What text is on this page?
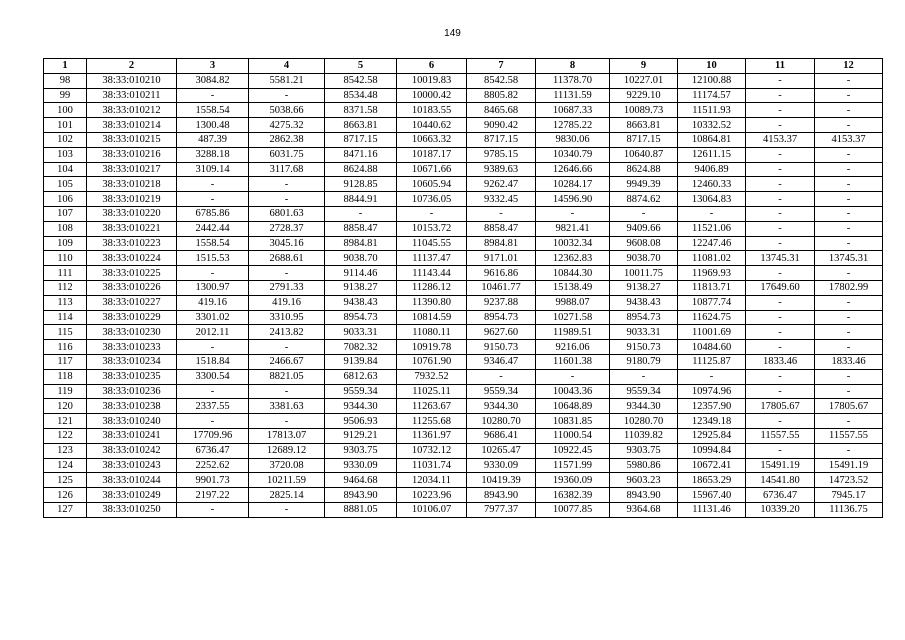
149
1	2	3	4	5	6	7	8	9	10	11	12
98	38:33:010210	3084.82	5581.21	8542.58	10019.83	8542.58	11378.70	10227.01	12100.88	-	-
99	38:33:010211	-	-	8534.48	10000.42	8805.82	11131.59	9229.10	11174.57	-	-
100	38:33:010212	1558.54	5038.66	8371.58	10183.55	8465.68	10687.33	10089.73	11511.93	-	-
101	38:33:010214	1300.48	4275.32	8663.81	10440.62	9090.42	12785.22	8663.81	10332.52	-	-
102	38:33:010215	487.39	2862.38	8717.15	10663.32	8717.15	9830.06	8717.15	10864.81	4153.37	4153.37
103	38:33:010216	3288.18	6031.75	8471.16	10187.17	9785.15	10340.79	10640.87	12611.15	-	-
104	38:33:010217	3109.14	3117.68	8624.88	10671.66	9389.63	12646.66	8624.88	9406.89	-	-
105	38:33:010218	-	-	9128.85	10605.94	9262.47	10284.17	9949.39	12460.33	-	-
106	38:33:010219	-	-	8844.91	10736.05	9332.45	14596.90	8874.62	13064.83	-	-
107	38:33:010220	6785.86	6801.63	-	-	-	-	-	-	-	-
108	38:33:010221	2442.44	2728.37	8858.47	10153.72	8858.47	9821.41	9409.66	11521.06	-	-
109	38:33:010223	1558.54	3045.16	8984.81	11045.55	8984.81	10032.34	9608.08	12247.46	-	-
110	38:33:010224	1515.53	2688.61	9038.70	11137.47	9171.01	12362.83	9038.70	11081.02	13745.31	13745.31
111	38:33:010225	-	-	9114.46	11143.44	9616.86	10844.30	10011.75	11969.93	-	-
112	38:33:010226	1300.97	2791.33	9138.27	11286.12	10461.77	15138.49	9138.27	11813.71	17649.60	17802.99
113	38:33:010227	419.16	419.16	9438.43	11390.80	9237.88	9988.07	9438.43	10877.74	-	-
114	38:33:010229	3301.02	3310.95	8954.73	10814.59	8954.73	10271.58	8954.73	11624.75	-	-
115	38:33:010230	2012.11	2413.82	9033.31	11080.11	9627.60	11989.51	9033.31	11001.69	-	-
116	38:33:010233	-	-	7082.32	10919.78	9150.73	9216.06	9150.73	10484.60	-	-
117	38:33:010234	1518.84	2466.67	9139.84	10761.90	9346.47	11601.38	9180.79	11125.87	1833.46	1833.46
118	38:33:010235	3300.54	8821.05	6812.63	7932.52	-	-	-	-	-	-
119	38:33:010236	-	-	9559.34	11025.11	9559.34	10043.36	9559.34	10974.96	-	-
120	38:33:010238	2337.55	3381.63	9344.30	11263.67	9344.30	10648.89	9344.30	12357.90	17805.67	17805.67
121	38:33:010240	-	-	9506.93	11255.68	10280.70	10831.85	10280.70	12349.18	-	-
122	38:33:010241	17709.96	17813.07	9129.21	11361.97	9686.41	11000.54	11039.82	12925.84	11557.55	11557.55
123	38:33:010242	6736.47	12689.12	9303.75	10732.12	10265.47	10922.45	9303.75	10994.84	-	-
124	38:33:010243	2252.62	3720.08	9330.09	11031.74	9330.09	11571.99	5980.86	10672.41	15491.19	15491.19
125	38:33:010244	9901.73	10211.59	9464.68	12034.11	10419.39	19360.09	9603.23	18653.29	14541.80	14723.52
126	38:33:010249	2197.22	2825.14	8943.90	10223.96	8943.90	16382.39	8943.90	15967.40	6736.47	7945.17
127	38:33:010250	-	-	8881.05	10106.07	7977.37	10077.85	9364.68	11131.46	10339.20	11136.75
